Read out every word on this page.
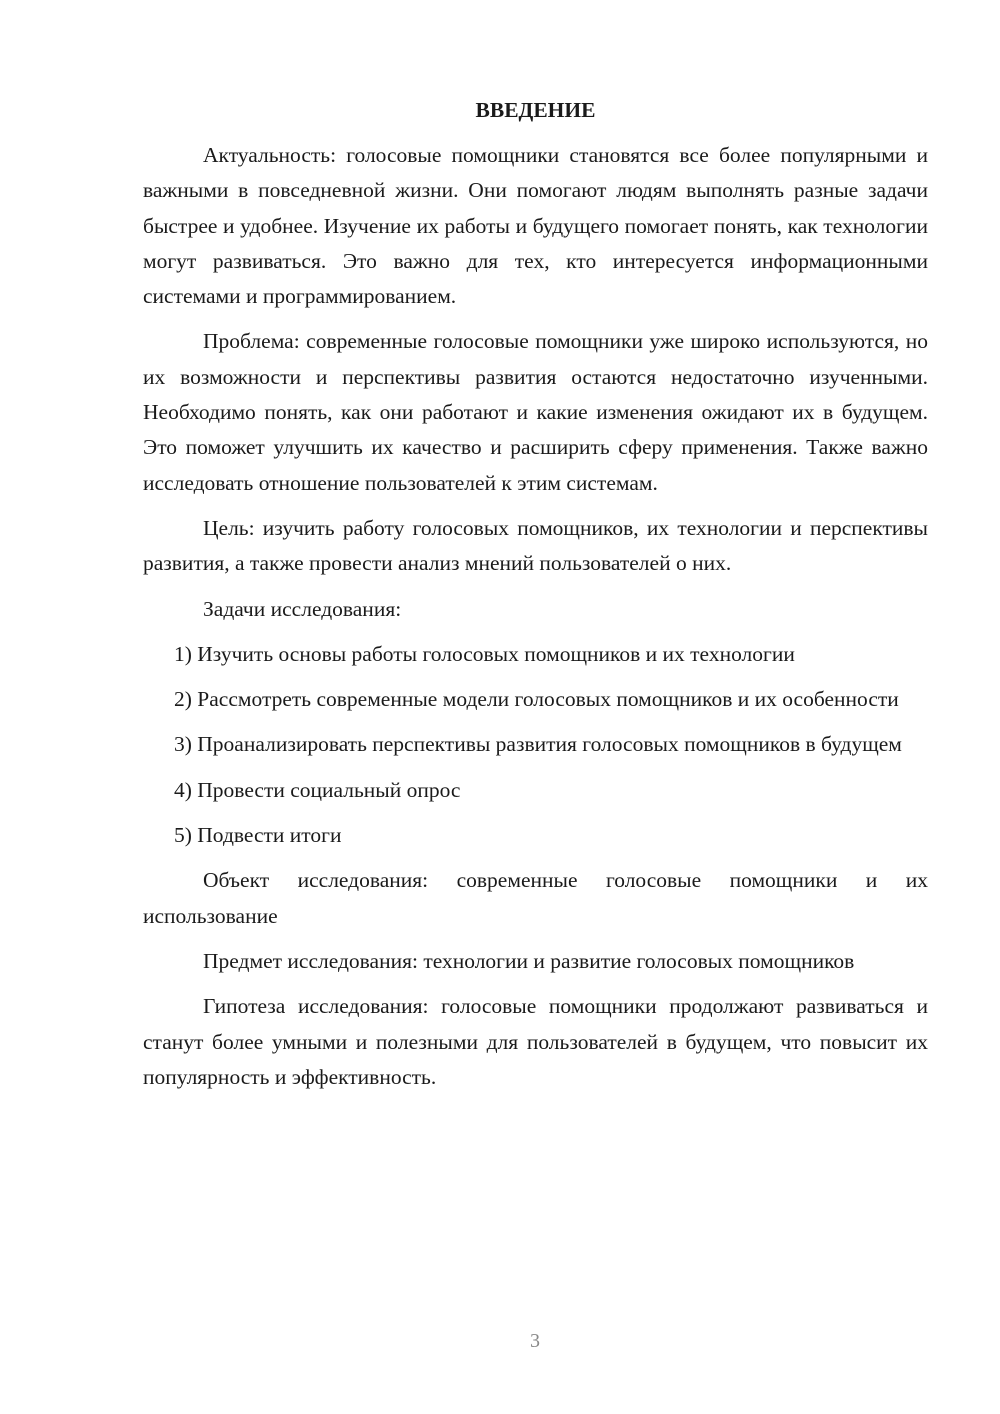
ВВЕДЕНИЕ

Актуальность: голосовые помощники становятся все более популярными и важными в повседневной жизни. Они помогают людям выполнять разные задачи быстрее и удобнее. Изучение их работы и будущего помогает понять, как технологии могут развиваться. Это важно для тех, кто интересуется информационными системами и программированием.

Проблема: современные голосовые помощники уже широко используются, но их возможности и перспективы развития остаются недостаточно изученными. Необходимо понять, как они работают и какие изменения ожидают их в будущем. Это поможет улучшить их качество и расширить сферу применения. Также важно исследовать отношение пользователей к этим системам.

Цель: изучить работу голосовых помощников, их технологии и перспективы развития, а также провести анализ мнений пользователей о них.

Задачи исследования:

1) Изучить основы работы голосовых помощников и их технологии

2) Рассмотреть современные модели голосовых помощников и их особенности

3) Проанализировать перспективы развития голосовых помощников в будущем

4) Провести социальный опрос

5) Подвести итоги

Объект исследования: современные голосовые помощники и их использование

Предмет исследования: технологии и развитие голосовых помощников

Гипотеза исследования: голосовые помощники продолжают развиваться и станут более умными и полезными для пользователей в будущем, что повысит их популярность и эффективность.

3
